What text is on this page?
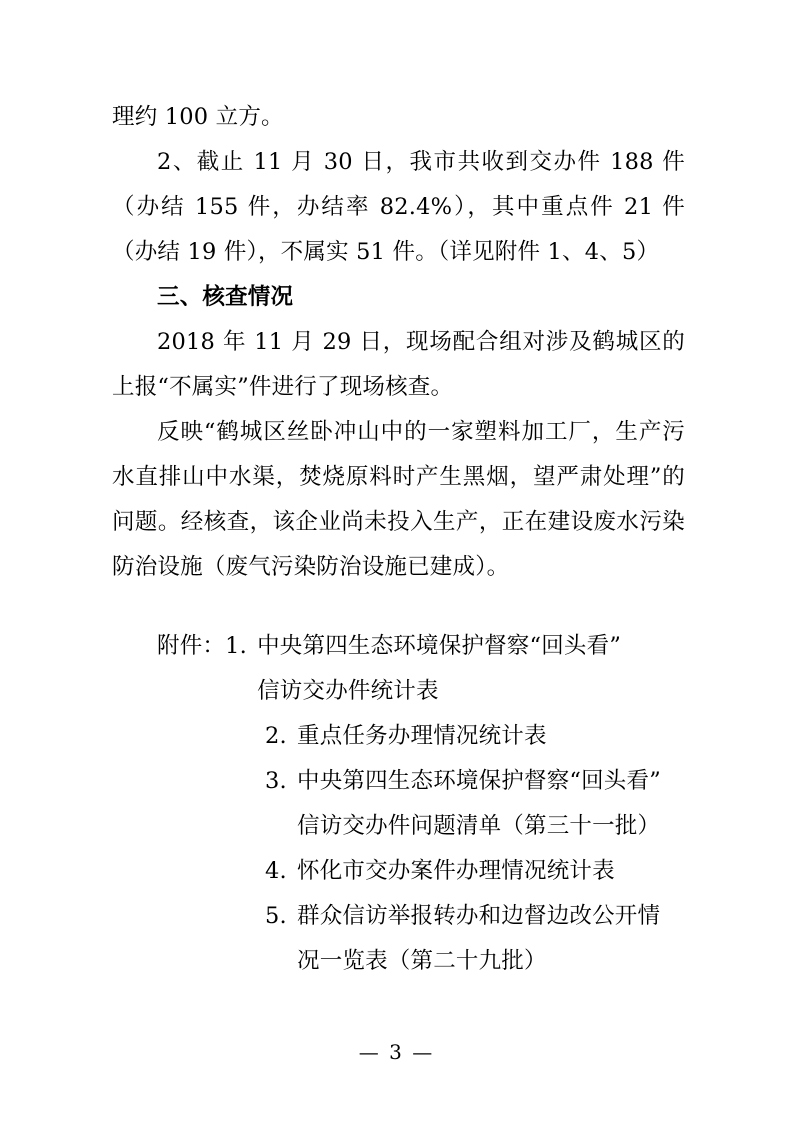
理约 100 立方。

2、截止 11 月 30 日，我市共收到交办件 188 件（办结 155 件，办结率 82.4%），其中重点件 21 件（办结 19 件），不属实 51 件。（详见附件 1、4、5）

三、核查情况

2018 年 11 月 29 日，现场配合组对涉及鹤城区的上报“不属实”件进行了现场核查。

反映“鹤城区丝卧冲山中的一家塑料加工厂，生产污水直排山中水渠，焚烧原料时产生黑烟，望严肃处理”的问题。经核查，该企业尚未投入生产，正在建设废水污染防治设施（废气污染防治设施已建成）。

附件： 1. 中央第四生态环境保护督察“回头看”
信访交办件统计表
2. 重点任务办理情况统计表
3. 中央第四生态环境保护督察“回头看”
信访交办件问题清单（第三十一批）
4. 怀化市交办案件办理情况统计表
5. 群众信访举报转办和边督边改公开情
况一览表（第二十九批）
— 3 —
